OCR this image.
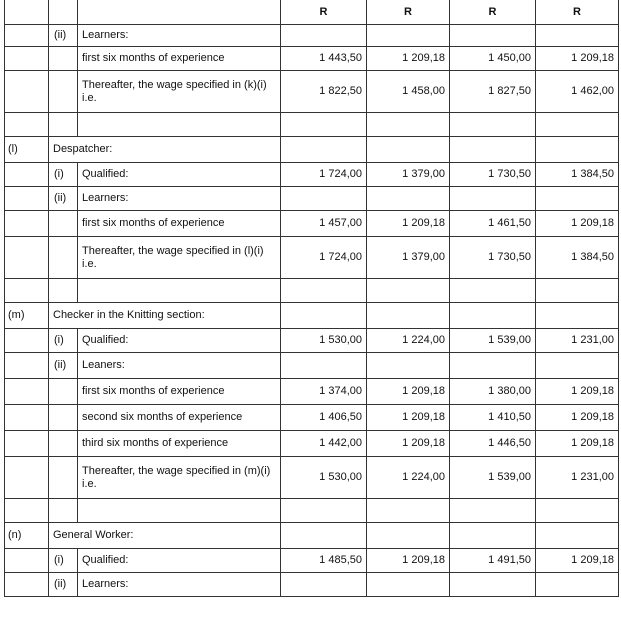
			R	R	R	R
	(ii)	Learners:				
		first six months of experience	1 443,50	1 209,18	1 450,00	1 209,18
		Thereafter, the wage specified in (k)(i) i.e.	1 822,50	1 458,00	1 827,50	1 462,00

(l)	Despatcher:					
	(i)	Qualified:	1 724,00	1 379,00	1 730,50	1 384,50
	(ii)	Learners:				
		first six months of experience	1 457,00	1 209,18	1 461,50	1 209,18
		Thereafter, the wage specified in (l)(i) i.e.	1 724,00	1 379,00	1 730,50	1 384,50

(m)	Checker in the Knitting section:					
	(i)	Qualified:	1 530,00	1 224,00	1 539,00	1 231,00
	(ii)	Leaners:				
		first six months of experience	1 374,00	1 209,18	1 380,00	1 209,18
		second six months of experience	1 406,50	1 209,18	1 410,50	1 209,18
		third six months of experience	1 442,00	1 209,18	1 446,50	1 209,18
		Thereafter, the wage specified in (m)(i) i.e.	1 530,00	1 224,00	1 539,00	1 231,00

(n)	General Worker:					
	(i)	Qualified:	1 485,50	1 209,18	1 491,50	1 209,18
	(ii)	Learners:				
